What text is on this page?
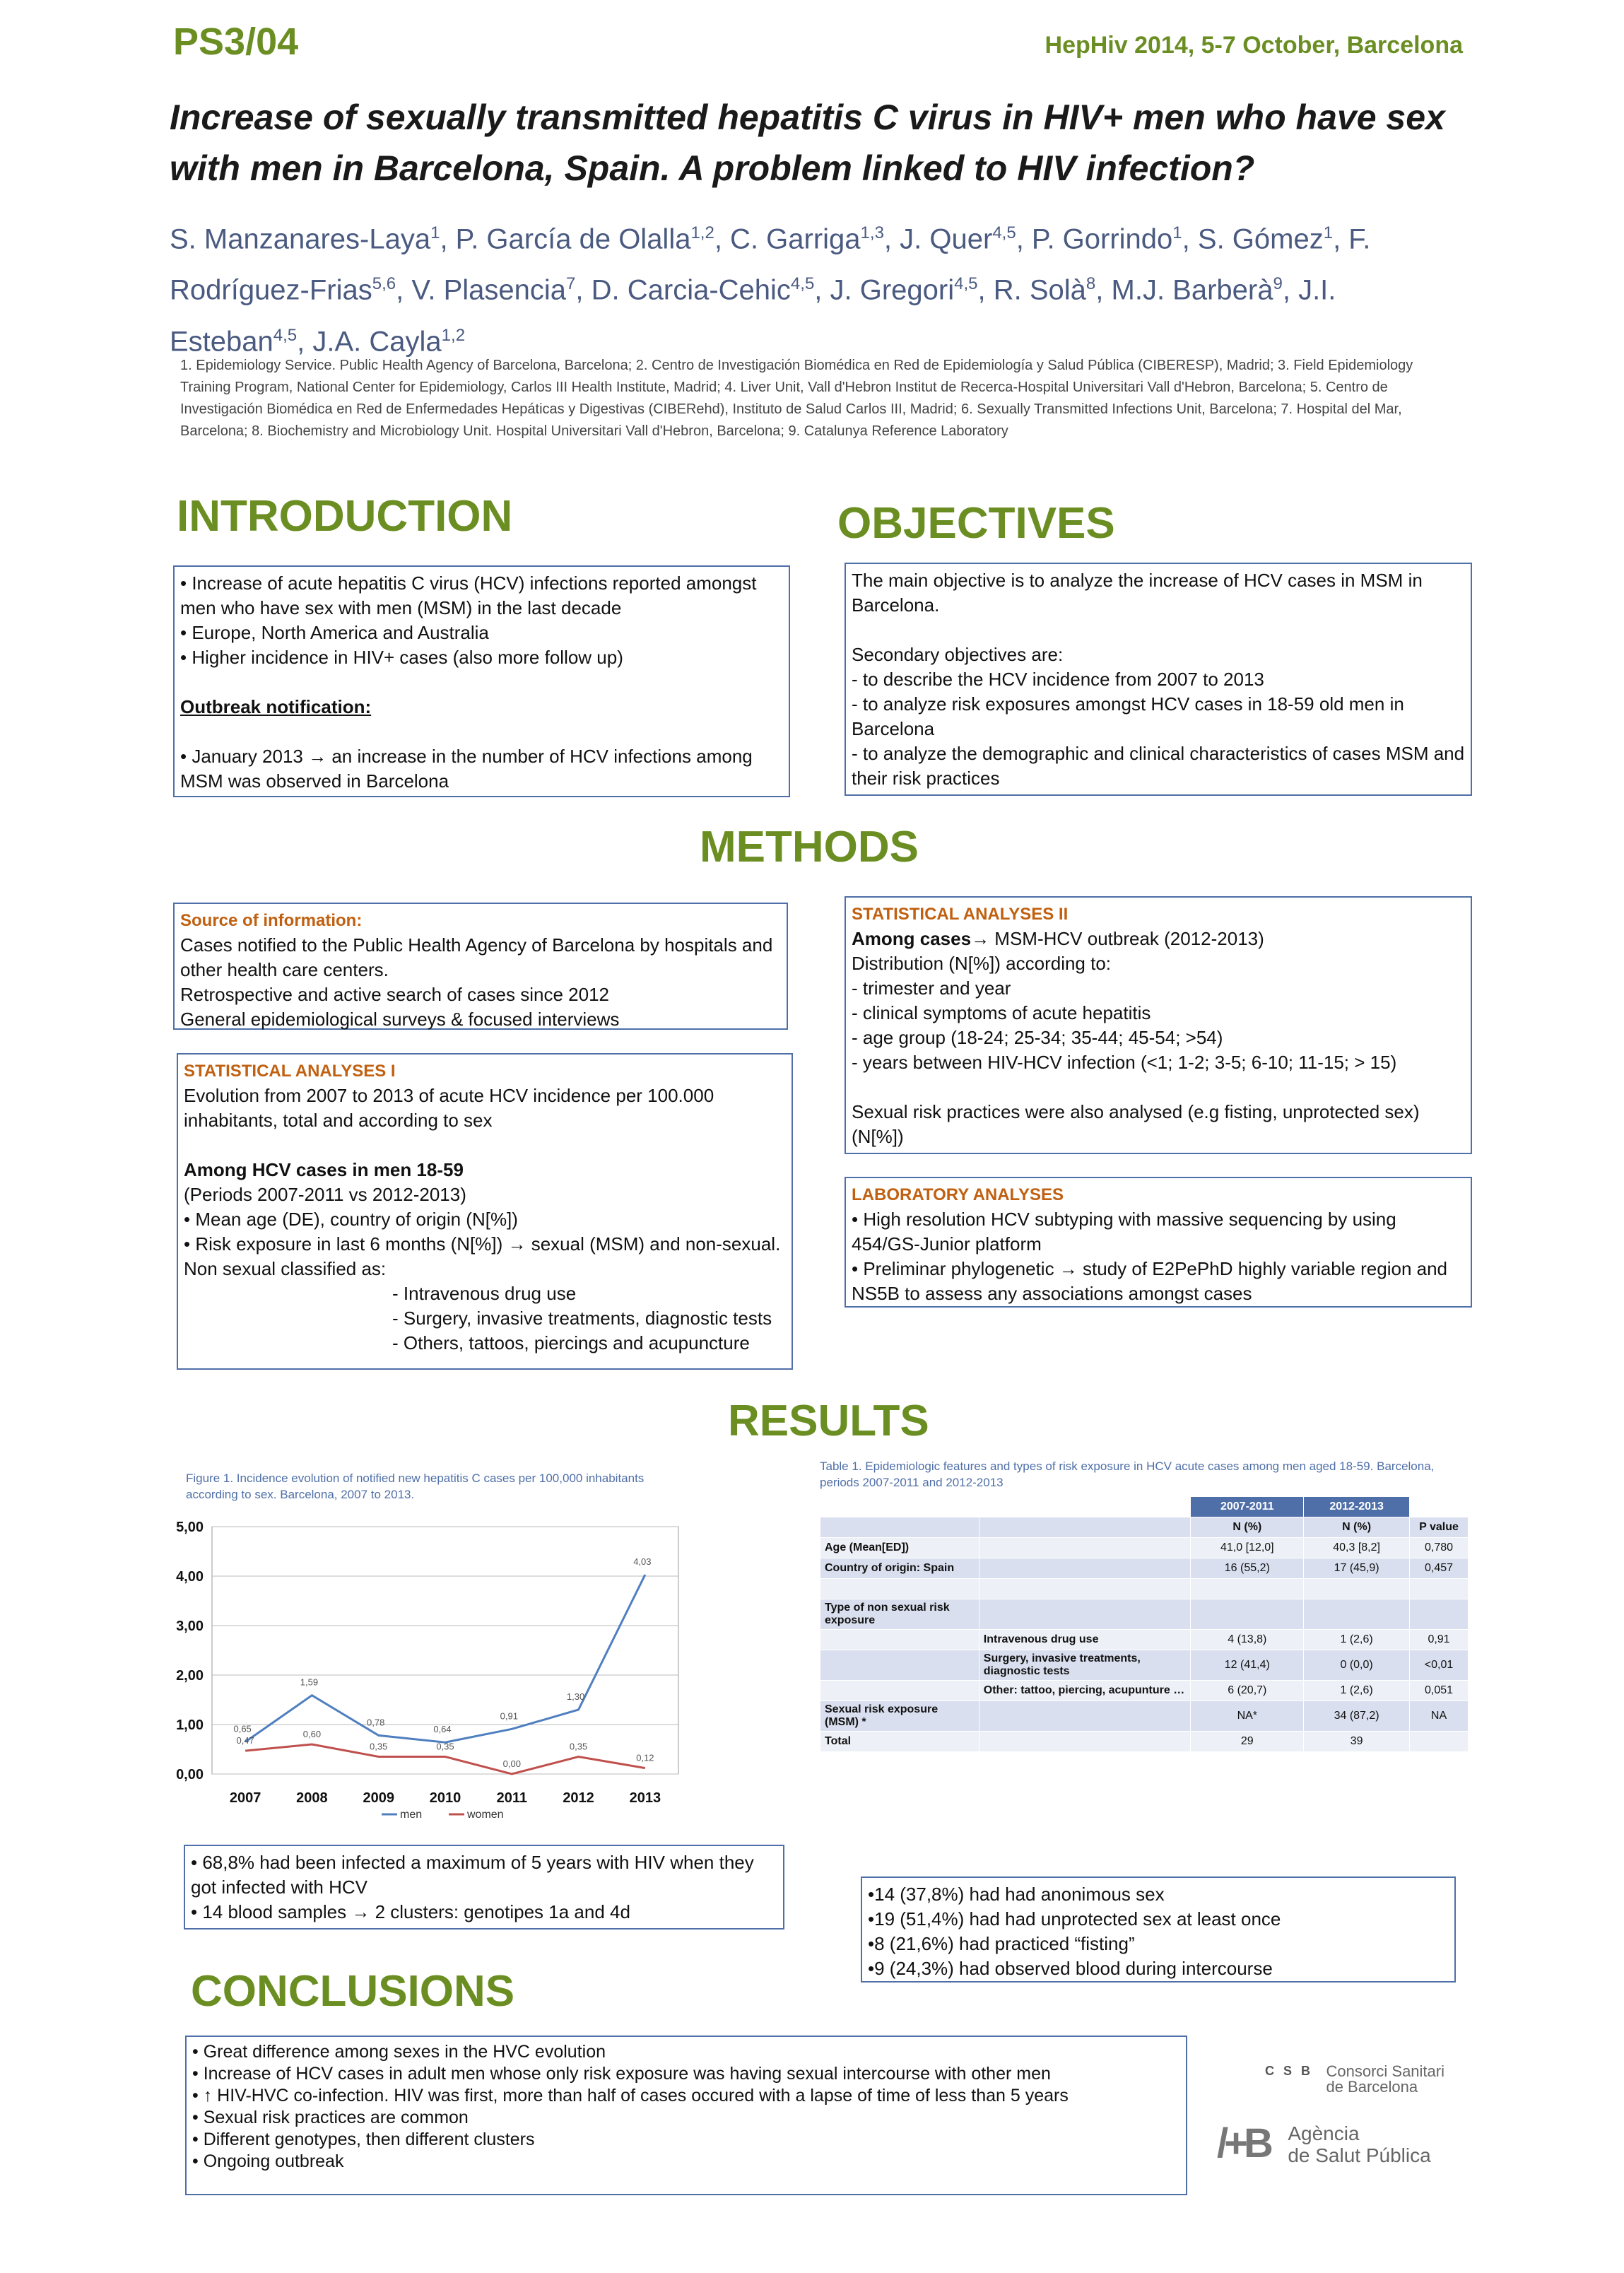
PS3/04	HepHiv 2014, 5-7 October, Barcelona
Increase of sexually transmitted hepatitis C virus in HIV+ men who have sex
with men in Barcelona, Spain. A problem linked to HIV infection?
S. Manzanares-Laya$^1$, P. García de Olalla$^{1,2}$, C. Garriga$^{1,3}$, J. Quer$^{4,5}$, P. Gorrindo$^1$, S. Gómez$^1$, F. Rodríguez-Frias$^{5,6}$, V. Plasencia$^7$, D. Carcia-Cehic$^{4,5}$, J. Gregori$^{4,5}$, R. Solà$^8$, M.J. Barberà$^9$, J.I. Esteban$^{4,5}$, J.A. Cayla$^{1,2}$
1. Epidemiology Service. Public Health Agency of Barcelona, Barcelona; 2. Centro de Investigación Biomédica en Red de Epidemiología y Salud Pública (CIBERESP), Madrid; 3. Field Epidemiology Training Program, National Center for Epidemiology, Carlos III Health Institute, Madrid; 4. Liver Unit, Vall d'Hebron Institut de Recerca-Hospital Universitari Vall d'Hebron, Barcelona; 5. Centro de Investigación Biomédica en Red de Enfermedades Hepáticas y Digestivas (CIBERehd), Instituto de Salud Carlos III, Madrid; 6. Sexually Transmitted Infections Unit, Barcelona; 7. Hospital del Mar, Barcelona; 8. Biochemistry and Microbiology Unit. Hospital Universitari Vall d'Hebron, Barcelona; 9. Catalunya Reference Laboratory
INTRODUCTION
• Increase of acute hepatitis C virus (HCV) infections reported amongst men who have sex with men (MSM) in the last decade
• Europe, North America and Australia
• Higher incidence in HIV+ cases (also more follow up)
Outbreak notification:
• January 2013 → an increase in the number of HCV infections among MSM was observed in Barcelona
OBJECTIVES
The main objective is to analyze the increase of HCV cases in MSM in Barcelona.
Secondary objectives are:
- to describe the HCV incidence from 2007 to 2013
- to analyze risk exposures amongst HCV cases in 18-59 old men in Barcelona
- to analyze the demographic and clinical characteristics of cases MSM and their risk practices
METHODS
Source of information:
Cases notified to the Public Health Agency of Barcelona by hospitals and other health care centers.
Retrospective and active search of cases since 2012
General epidemiological surveys & focused interviews
STATISTICAL ANALYSES I
Evolution from 2007 to 2013 of acute HCV incidence per 100.000 inhabitants, total and according to sex
Among HCV cases in men 18-59
(Periods 2007-2011 vs 2012-2013)
• Mean age (DE), country of origin (N[%])
• Risk exposure in last 6 months (N[%]) → sexual (MSM) and non-sexual.
Non sexual classified as:
- Intravenous drug use
- Surgery, invasive treatments, diagnostic tests
- Others, tattoos, piercings and acupuncture
STATISTICAL ANALYSES II
Among cases→ MSM-HCV outbreak (2012-2013)
Distribution (N[%]) according to:
- trimester and year
- clinical symptoms of acute hepatitis
- age group (18-24; 25-34; 35-44; 45-54; >54)
- years between HIV-HCV infection (<1; 1-2; 3-5; 6-10; 11-15; > 15)
Sexual risk practices were also analysed (e.g fisting, unprotected sex) (N[%])
LABORATORY ANALYSES
• High resolution HCV subtyping with massive sequencing by using 454/GS-Junior platform
• Preliminar phylogenetic → study of E2PePhD highly variable region and NS5B to assess any associations amongst cases
RESULTS
Figure 1. Incidence evolution of notified new hepatitis C cases per 100,000 inhabitants according to sex. Barcelona, 2007 to 2013.
0,00
1,00
2,00
3,00
4,00
5,00
2007 2008 2009 2010	2011	2012 2013
0,65
1,59
0,78
0,64
0,91
1,30
4,03
0,47
0,60
0,35	0,35
0,00
0,35
0,12
men	women
• 68,8% had been infected a maximum of 5 years with HIV when they got infected with HCV
• 14 blood samples → 2 clusters: genotipes 1a and 4d
Table 1. Epidemiologic features and types of risk exposure in HCV acute cases among men aged 18-59. Barcelona, periods 2007-2011 and 2012-2013
		2007-2011	2012-2013	
		N (%)	N (%)	P value
Age (Mean[ED])		41,0 [12,0]	40,3 [8,2]	0,780
Country of origin: Spain		16 (55,2)	17 (45,9)	0,457

Type of non sexual risk exposure				
	Intravenous drug use	4 (13,8)	1 (2,6)	0,91
	Surgery, invasive treatments, diagnostic tests	12 (41,4)	0 (0,0)	<0,01
	Other: tattoo, piercing, acupunture …	6 (20,7)	1 (2,6)	0,051
Sexual risk exposure (MSM) *		NA*	34 (87,2)	NA
Total		29	39	
•14 (37,8%) had had anonimous sex
•19 (51,4%) had had unprotected sex at least once
•8 (21,6%) had practiced “fisting”
•9 (24,3%) had observed blood during intercourse
CONCLUSIONS
• Great difference among sexes in the HVC evolution
• Increase of HCV cases in adult men whose only risk exposure was having sexual intercourse with other men
• ↑ HIV-HVC co-infection. HIV was first, more than half of cases occured with a lapse of time of less than 5 years
• Sexual risk practices are common
• Different genotypes, then different clusters
• Ongoing outbreak
C S B Consorci Sanitari
de Barcelona
/+B Agència
de Salut Pública
